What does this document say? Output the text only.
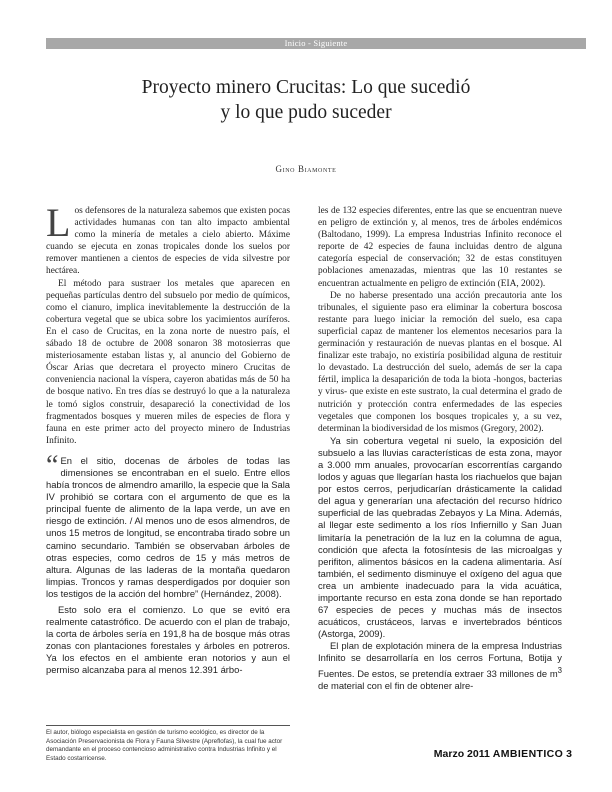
Inicio - Siguiente
Proyecto minero Crucitas: Lo que sucedió
y lo que pudo suceder
Gino Biamonte

Los defensores de la naturaleza sabemos que existen pocas actividades humanas con tan alto impacto ambiental como la minería de metales a cielo abierto. Máxime cuando se ejecuta en zonas tropicales donde los suelos por remover mantienen a cientos de especies de vida silvestre por hectárea.

El método para sustraer los metales que aparecen en pequeñas partículas dentro del subsuelo por medio de químicos, como el cianuro, implica inevitablemente la destrucción de la cobertura vegetal que se ubica sobre los yacimientos auríferos. En el caso de Crucitas, en la zona norte de nuestro país, el sábado 18 de octubre de 2008 sonaron 38 motosierras que misteriosamente estaban listas y, al anuncio del Gobierno de Óscar Arias que decretara el proyecto minero Crucitas de conveniencia nacional la víspera, cayeron abatidas más de 50 ha de bosque nativo. En tres días se destruyó lo que a la naturaleza le tomó siglos construir, desapareció la conectividad de los fragmentados bosques y mueren miles de especies de flora y fauna en este primer acto del proyecto minero de Industrias Infinito.

“ En el sitio, docenas de árboles de todas las dimensiones se encontraban en el suelo. Entre ellos había troncos de almendro amarillo, la especie que la Sala IV prohibió se cortara con el argumento de que es la principal fuente de alimento de la lapa verde, un ave en riesgo de extinción. / Al menos uno de esos almendros, de unos 15 metros de longitud, se encontraba tirado sobre un camino secundario. También se observaban árboles de otras especies, como cedros de 15 y más metros de altura. Algunas de las laderas de la montaña quedaron limpias. Troncos y ramas desperdigados por doquier son los testigos de la acción del hombre” (Hernández, 2008).

Esto solo era el comienzo. Lo que se evitó era realmente catastrófico. De acuerdo con el plan de trabajo, la corta de árboles sería en 191,8 ha de bosque más otras zonas con plantaciones forestales y árboles en potreros. Ya los efectos en el ambiente eran notorios y aun el permiso alcanzaba para al menos 12.391 árbo-

El autor, biólogo especialista en gestión de turismo ecológico, es director de la Asociación Preservacionista de Flora y Fauna Silvestre (Apreflofas), la cual fue actor demandante en el proceso contencioso administrativo contra Industrias Infinito y el Estado costarricense.

les de 132 especies diferentes, entre las que se encuentran nueve en peligro de extinción y, al menos, tres de árboles endémicos (Baltodano, 1999). La empresa Industrias Infinito reconoce el reporte de 42 especies de fauna incluidas dentro de alguna categoría especial de conservación; 32 de estas constituyen poblaciones amenazadas, mientras que las 10 restantes se encuentran actualmente en peligro de extinción (EIA, 2002).

De no haberse presentado una acción precautoria ante los tribunales, el siguiente paso era eliminar la cobertura boscosa restante para luego iniciar la remoción del suelo, esa capa superficial capaz de mantener los elementos necesarios para la germinación y restauración de nuevas plantas en el bosque. Al finalizar este trabajo, no existiría posibilidad alguna de restituir lo devastado. La destrucción del suelo, además de ser la capa fértil, implica la desaparición de toda la biota -hongos, bacterias y virus- que existe en este sustrato, la cual determina el grado de nutrición y protección contra enfermedades de las especies vegetales que componen los bosques tropicales y, a su vez, determinan la biodiversidad de los mismos (Gregory, 2002).

Ya sin cobertura vegetal ni suelo, la exposición del subsuelo a las lluvias características de esta zona, mayor a 3.000 mm anuales, provocarían escorrentías cargando lodos y aguas que llegarían hasta los riachuelos que bajan por estos cerros, perjudicarían drásticamente la calidad del agua y generarían una afectación del recurso hídrico superficial de las quebradas Zebayos y La Mina. Además, al llegar este sedimento a los ríos Infiernillo y San Juan limitaría la penetración de la luz en la columna de agua, condición que afecta la fotosíntesis de las microalgas y perifiton, alimentos básicos en la cadena alimentaria. Así también, el sedimento disminuye el oxígeno del agua que crea un ambiente inadecuado para la vida acuática, importante recurso en esta zona donde se han reportado 67 especies de peces y muchas más de insectos acuáticos, crustáceos, larvas e invertebrados bénticos (Astorga, 2009).

El plan de explotación minera de la empresa Industrias Infinito se desarrollaría en los cerros Fortuna, Botija y Fuentes. De estos, se pretendía extraer 33 millones de $m^3$ de material con el fin de obtener alre-

Marzo 2011 AMBIENTICO 3
